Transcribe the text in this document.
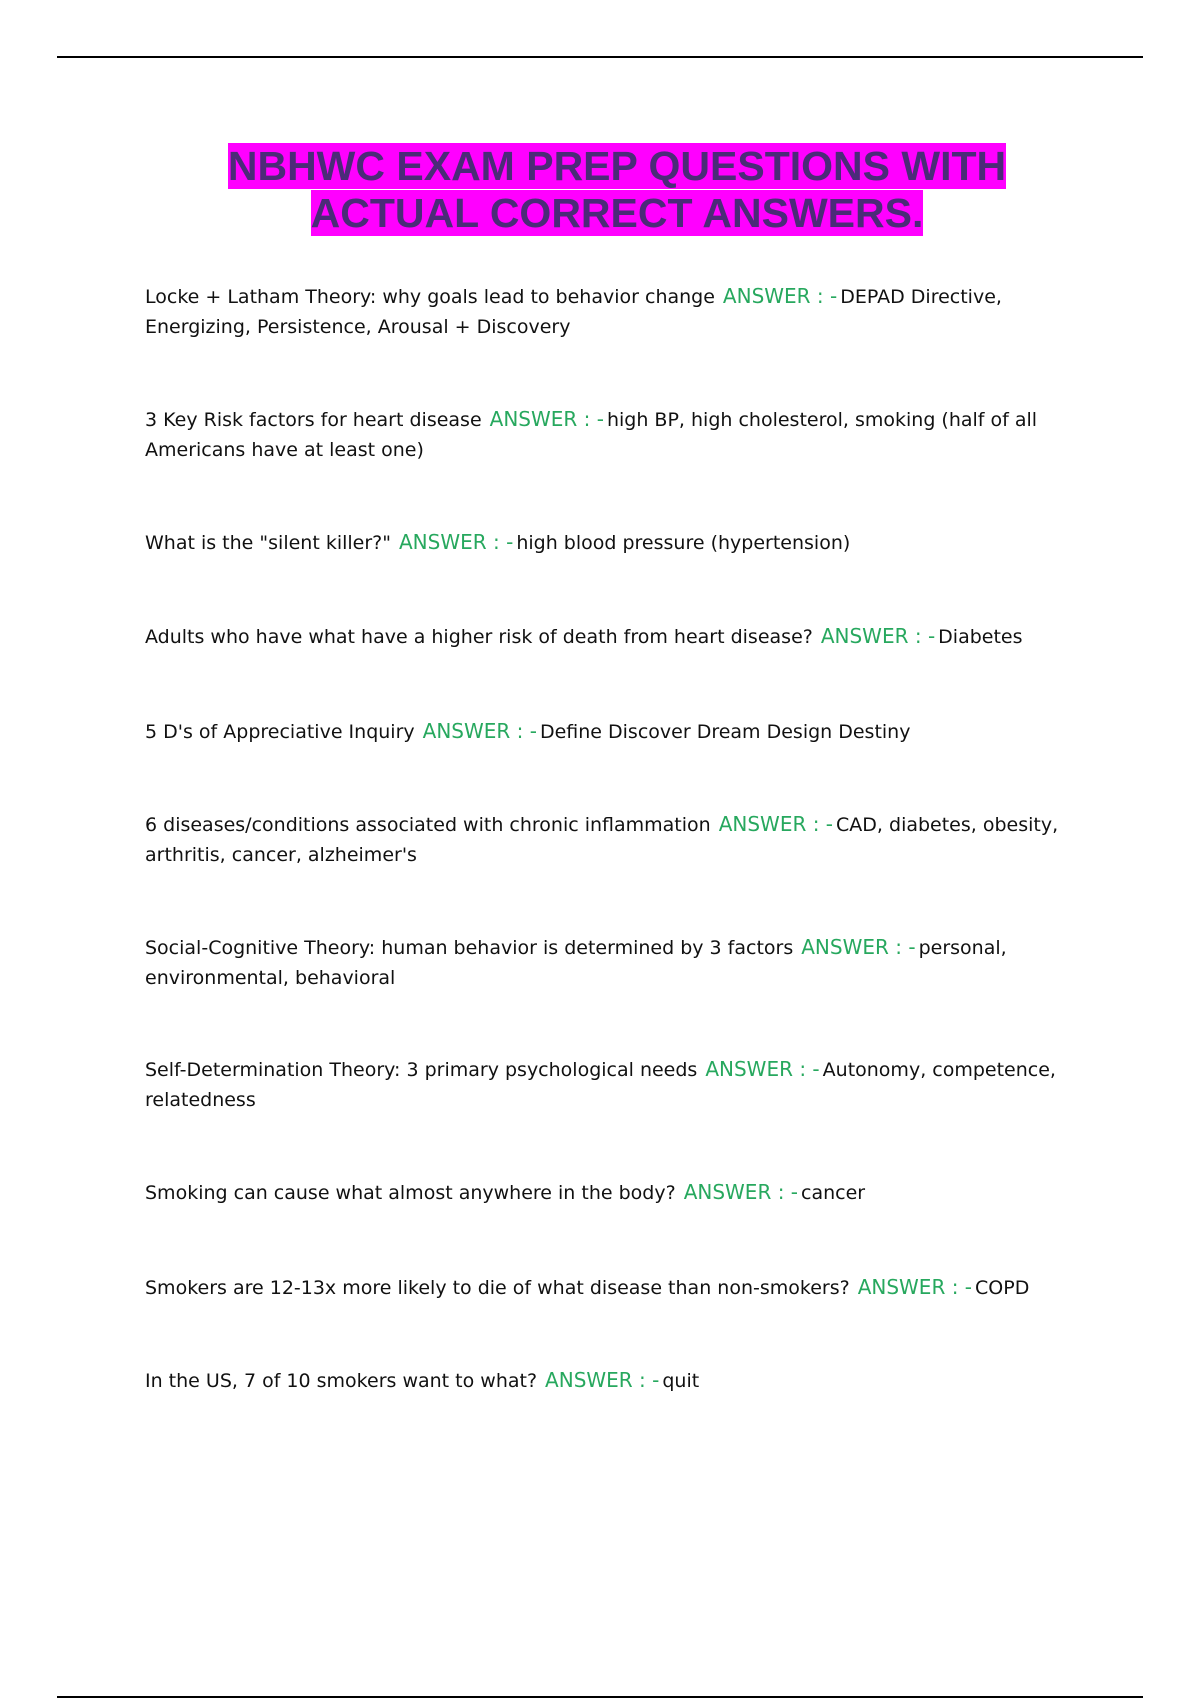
NBHWC EXAM PREP QUESTIONS WITH ACTUAL CORRECT ANSWERS.

Locke + Latham Theory: why goals lead to behavior change ANSWER : - DEPAD Directive, Energizing, Persistence, Arousal + Discovery

3 Key Risk factors for heart disease ANSWER : - high BP, high cholesterol, smoking (half of all Americans have at least one)

What is the "silent killer?" ANSWER : - high blood pressure (hypertension)

Adults who have what have a higher risk of death from heart disease? ANSWER : - Diabetes

5 D's of Appreciative Inquiry ANSWER : - Define Discover Dream Design Destiny

6 diseases/conditions associated with chronic inflammation ANSWER : - CAD, diabetes, obesity, arthritis, cancer, alzheimer's

Social-Cognitive Theory: human behavior is determined by 3 factors ANSWER : - personal, environmental, behavioral

Self-Determination Theory: 3 primary psychological needs ANSWER : - Autonomy, competence, relatedness

Smoking can cause what almost anywhere in the body? ANSWER : - cancer

Smokers are 12-13x more likely to die of what disease than non-smokers? ANSWER : - COPD

In the US, 7 of 10 smokers want to what? ANSWER : - quit
